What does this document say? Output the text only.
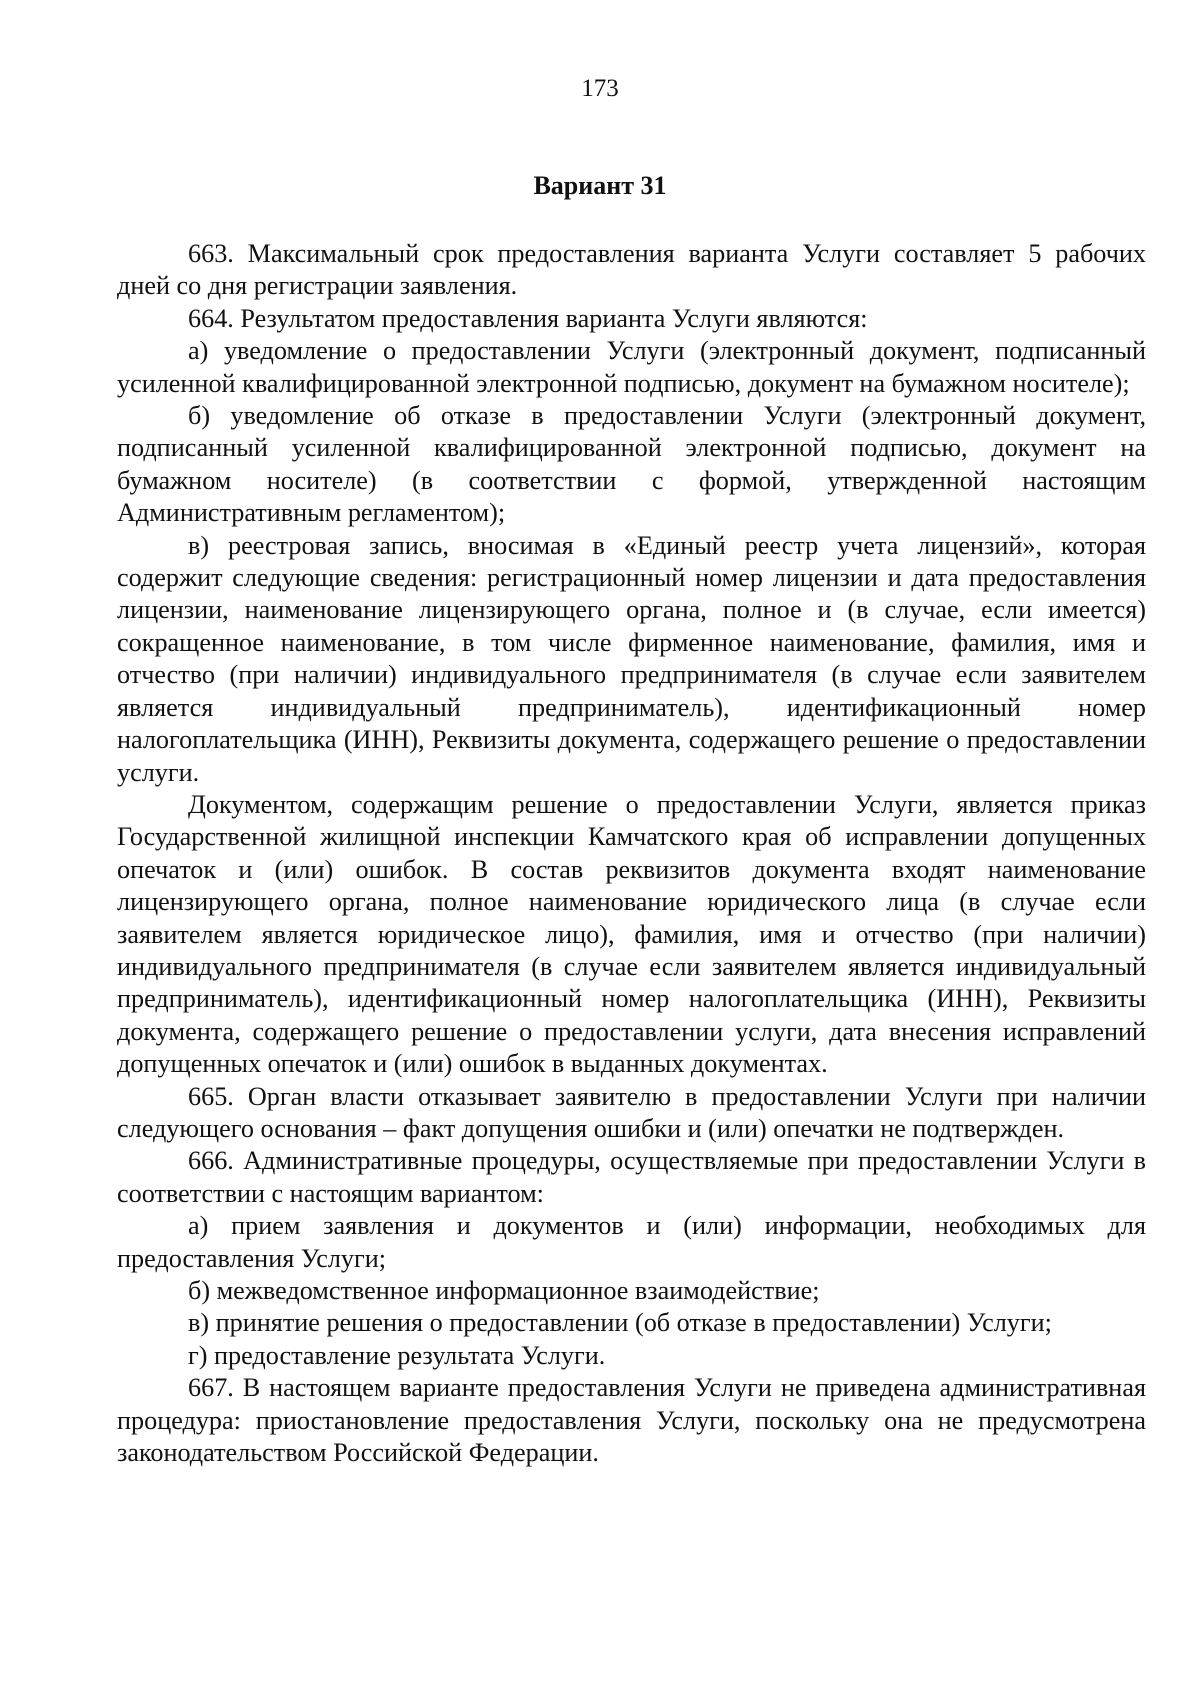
173
Вариант 31

663. Максимальный срок предоставления варианта Услуги составляет 5 рабочих дней со дня регистрации заявления.

664. Результатом предоставления варианта Услуги являются:

а) уведомление о предоставлении Услуги (электронный документ, подписанный усиленной квалифицированной электронной подписью, документ на бумажном носителе);

б) уведомление об отказе в предоставлении Услуги (электронный документ, подписанный усиленной квалифицированной электронной подписью, документ на бумажном носителе) (в соответствии с формой, утвержденной настоящим Административным регламентом);

в) реестровая запись, вносимая в «Единый реестр учета лицензий», которая содержит следующие сведения: регистрационный номер лицензии и дата предоставления лицензии, наименование лицензирующего органа, полное и (в случае, если имеется) сокращенное наименование, в том числе фирменное наименование, фамилия, имя и отчество (при наличии) индивидуального предпринимателя (в случае если заявителем является индивидуальный предприниматель), идентификационный номер налогоплательщика (ИНН), Реквизиты документа, содержащего решение о предоставлении услуги.

Документом, содержащим решение о предоставлении Услуги, является приказ Государственной жилищной инспекции Камчатского края об исправлении допущенных опечаток и (или) ошибок. В состав реквизитов документа входят наименование лицензирующего органа, полное наименование юридического лица (в случае если заявителем является юридическое лицо), фамилия, имя и отчество (при наличии) индивидуального предпринимателя (в случае если заявителем является индивидуальный предприниматель), идентификационный номер налогоплательщика (ИНН), Реквизиты документа, содержащего решение о предоставлении услуги, дата внесения исправлений допущенных опечаток и (или) ошибок в выданных документах.

665. Орган власти отказывает заявителю в предоставлении Услуги при наличии следующего основания – факт допущения ошибки и (или) опечатки не подтвержден.

666. Административные процедуры, осуществляемые при предоставлении Услуги в соответствии с настоящим вариантом:

а) прием заявления и документов и (или) информации, необходимых для предоставления Услуги;

б) межведомственное информационное взаимодействие;

в) принятие решения о предоставлении (об отказе в предоставлении) Услуги;

г) предоставление результата Услуги.

667. В настоящем варианте предоставления Услуги не приведена административная процедура: приостановление предоставления Услуги, поскольку она не предусмотрена законодательством Российской Федерации.
